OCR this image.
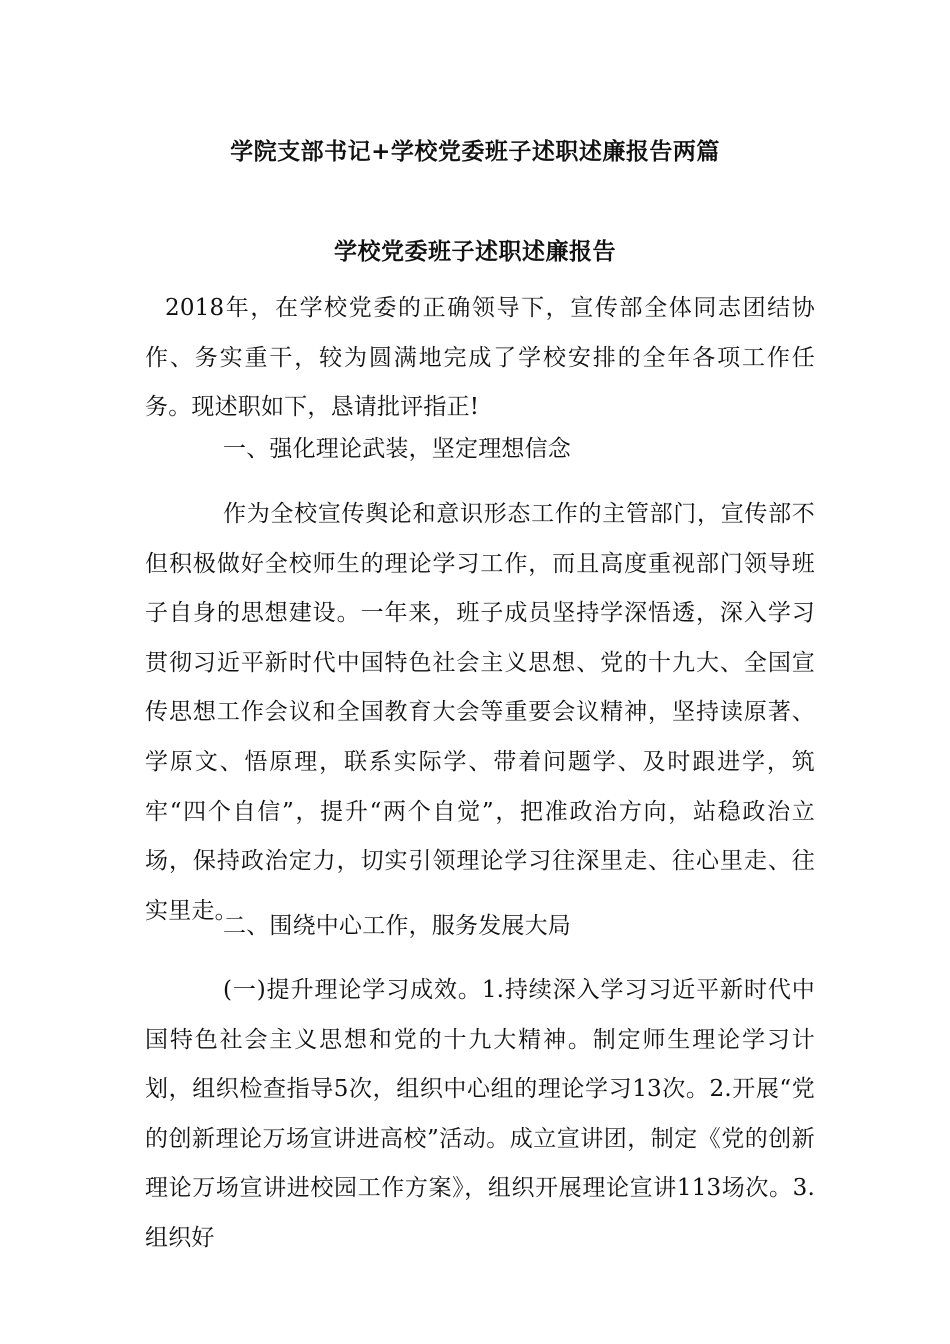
学院支部书记+学校党委班子述职述廉报告两篇
学校党委班子述职述廉报告

2018年，在学校党委的正确领导下，宣传部全体同志团结协作、务实重干，较为圆满地完成了学校安排的全年各项工作任务。现述职如下，恳请批评指正!

一、强化理论武装，坚定理想信念

作为全校宣传舆论和意识形态工作的主管部门，宣传部不但积极做好全校师生的理论学习工作，而且高度重视部门领导班子自身的思想建设。一年来，班子成员坚持学深悟透，深入学习贯彻习近平新时代中国特色社会主义思想、党的十九大、全国宣传思想工作会议和全国教育大会等重要会议精神，坚持读原著、学原文、悟原理，联系实际学、带着问题学、及时跟进学，筑牢“四个自信”，提升“两个自觉”，把准政治方向，站稳政治立场，保持政治定力，切实引领理论学习往深里走、往心里走、往实里走。

二、围绕中心工作，服务发展大局

(一)提升理论学习成效。1.持续深入学习习近平新时代中国特色社会主义思想和党的十九大精神。制定师生理论学习计划，组织检查指导5次，组织中心组的理论学习13次。2.开展“党的创新理论万场宣讲进高校”活动。成立宣讲团，制定《党的创新理论万场宣讲进校园工作方案》，组织开展理论宣讲113场次。3.组织好
